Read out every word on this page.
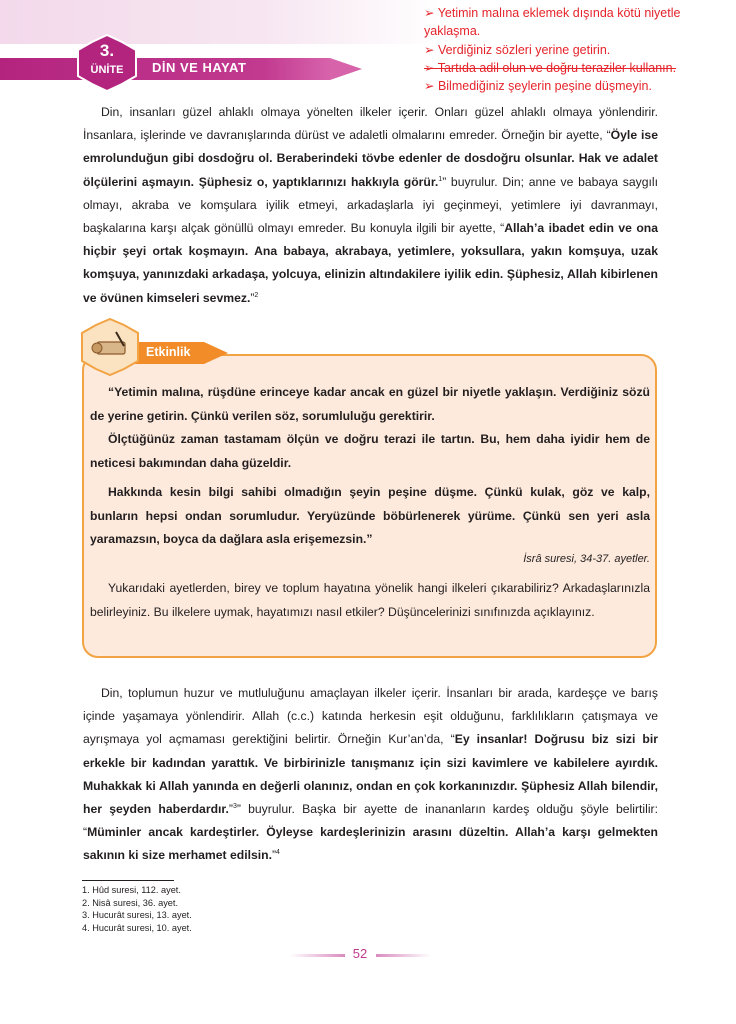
3.
ÜNİTE	DİN VE HAYAT
➢ Yetimin malına eklemek dışında kötü niyetle
yaklaşma.
➢ Verdiğiniz sözleri yerine getirin.
➢ Tartıda adil olun ve doğru teraziler kullanın.
➢ Bilmediğiniz şeylerin peşine düşmeyin.

Din, insanları güzel ahlaklı olmaya yönelten ilkeler içerir. Onları güzel ahlaklı olmaya yönlendirir. İnsanlara, işlerinde ve davranışlarında dürüst ve adaletli olmalarını emreder. Örneğin bir ayette, “Öyle ise emrolunduğun gibi dosdoğru ol. Beraberindeki tövbe edenler de dosdoğru olsunlar. Hak ve adalet ölçülerini aşmayın. Şüphesiz o, yaptıklarınızı hakkıyla görür.$^1$” buyrulur. Din; anne ve babaya saygılı olmayı, akraba ve komşulara iyilik etmeyi, arkadaşlarla iyi geçinmeyi, yetimlere iyi davranmayı, başkalarına karşı alçak gönüllü olmayı emreder. Bu konuyla ilgili bir ayette, “Allah’a ibadet edin ve ona hiçbir şeyi ortak koşmayın. Ana babaya, akrabaya, yetimlere, yoksullara, yakın komşuya, uzak komşuya, yanınızdaki arkadaşa, yolcuya, elinizin altındakilere iyilik edin. Şüphesiz, Allah kibirlenen ve övünen kimseleri sevmez.”$^2$

Etkinlik

“Yetimin malına, rüşdüne erinceye kadar ancak en güzel bir niyetle yaklaşın. Verdiğiniz sözü de yerine getirin. Çünkü verilen söz, sorumluluğu gerektirir.

Ölçtüğünüz zaman tastamam ölçün ve doğru terazi ile tartın. Bu, hem daha iyidir hem de neticesi bakımından daha güzeldir.

Hakkında kesin bilgi sahibi olmadığın şeyin peşine düşme. Çünkü kulak, göz ve kalp, bunların hepsi ondan sorumludur. Yeryüzünde böbürlenerek yürüme. Çünkü sen yeri asla yaramazsın, boyca da dağlara asla erişemezsin.”

İsrâ suresi, 34-37. ayetler.

Yukarıdaki ayetlerden, birey ve toplum hayatına yönelik hangi ilkeleri çıkarabiliriz? Arkadaşlarınızla belirleyiniz. Bu ilkelere uymak, hayatımızı nasıl etkiler? Düşüncelerinizi sınıfınızda açıklayınız.

Din, toplumun huzur ve mutluluğunu amaçlayan ilkeler içerir. İnsanları bir arada, kardeşçe ve barış içinde yaşamaya yönlendirir. Allah (c.c.) katında herkesin eşit olduğunu, farklılıkların çatışmaya ve ayrışmaya yol açmaması gerektiğini belirtir. Örneğin Kur’an’da, “Ey insanlar! Doğrusu biz sizi bir erkekle bir kadından yarattık. Ve birbirinizle tanışmanız için sizi kavimlere ve kabilelere ayırdık. Muhakkak ki Allah yanında en değerli olanınız, ondan en çok korkanınızdır. Şüphesiz Allah bilendir, her şeyden haberdardır.”$^3$” buyrulur. Başka bir ayette de inananların kardeş olduğu şöyle belirtilir: “Müminler ancak kardeştirler. Öyleyse kardeşlerinizin arasını düzeltin. Allah’a karşı gelmekten sakının ki size merhamet edilsin.”$^4$

1. Hûd suresi, 112. ayet.
2. Nisâ suresi, 36. ayet.
3. Hucurât suresi, 13. ayet.
4. Hucurât suresi, 10. ayet.
52
